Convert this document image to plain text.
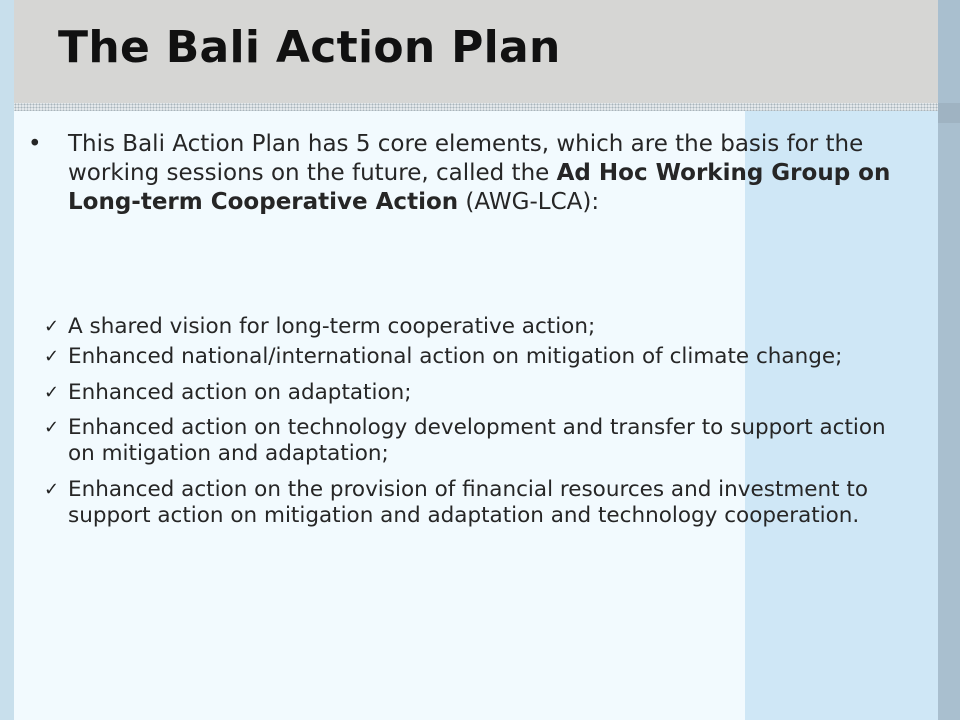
The Bali Action Plan

• This Bali Action Plan has 5 core elements, which are the basis for the working sessions on the future, called the Ad Hoc Working Group on Long-term Cooperative Action (AWG-LCA):

✓ A shared vision for long-term cooperative action;
✓ Enhanced national/international action on mitigation of climate change;
✓ Enhanced action on adaptation;
✓ Enhanced action on technology development and transfer to support action on mitigation and adaptation;
✓ Enhanced action on the provision of financial resources and investment to support action on mitigation and adaptation and technology cooperation.
